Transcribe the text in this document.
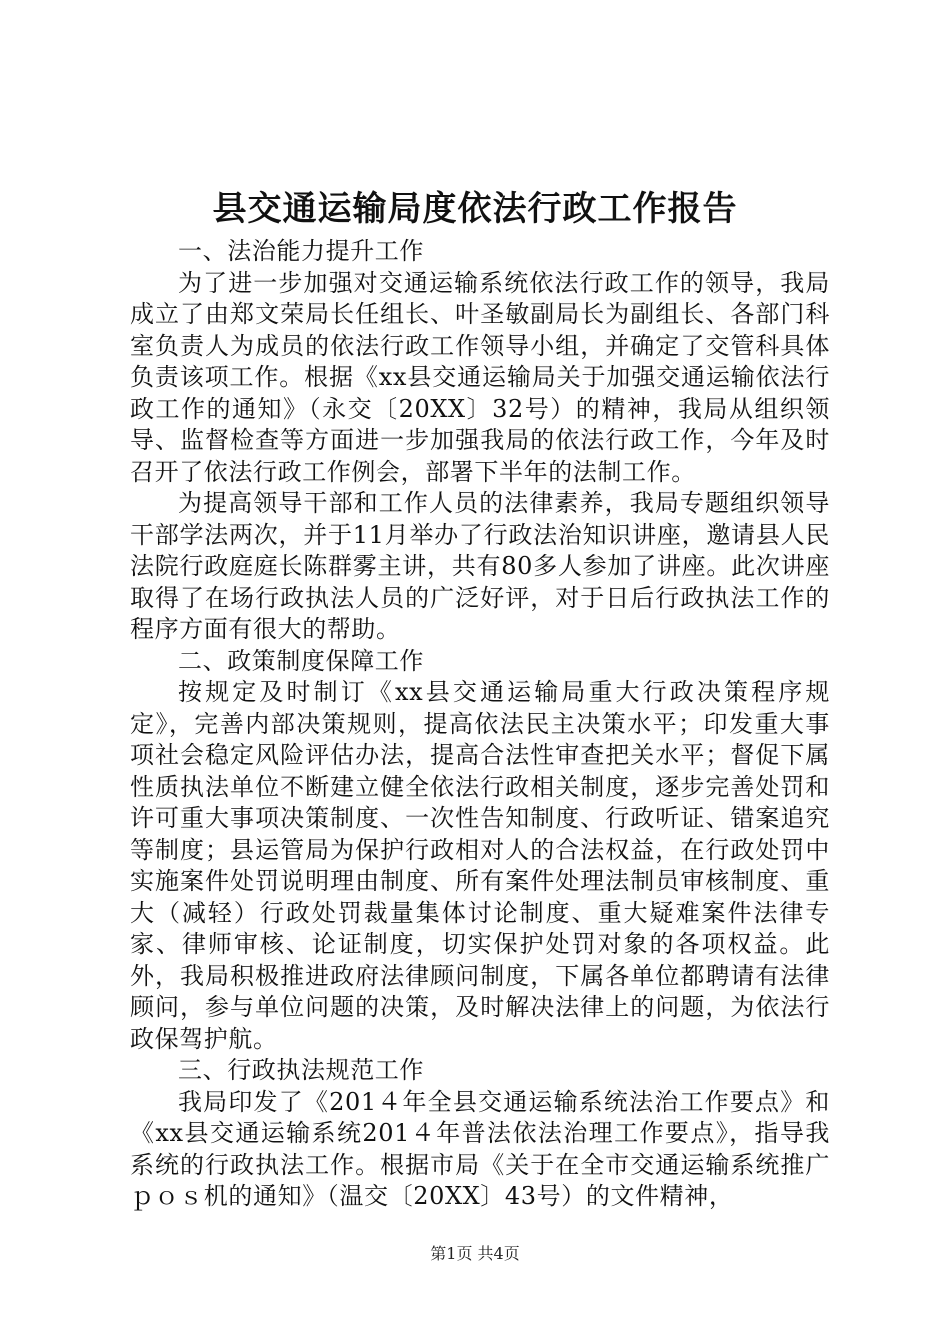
县交通运输局度依法行政工作报告

一、法治能力提升工作

为了进一步加强对交通运输系统依法行政工作的领导，我局成立了由郑文荣局长任组长、叶圣敏副局长为副组长、各部门科室负责人为成员的依法行政工作领导小组，并确定了交管科具体负责该项工作。根据《xx县交通运输局关于加强交通运输依法行政工作的通知》（永交〔20XX〕32号）的精神，我局从组织领导、监督检查等方面进一步加强我局的依法行政工作，今年及时召开了依法行政工作例会，部署下半年的法制工作。

为提高领导干部和工作人员的法律素养，我局专题组织领导干部学法两次，并于11月举办了行政法治知识讲座，邀请县人民法院行政庭庭长陈群雾主讲，共有80多人参加了讲座。此次讲座取得了在场行政执法人员的广泛好评，对于日后行政执法工作的程序方面有很大的帮助。

二、政策制度保障工作

按规定及时制订《xx县交通运输局重大行政决策程序规定》，完善内部决策规则，提高依法民主决策水平；印发重大事项社会稳定风险评估办法，提高合法性审查把关水平；督促下属性质执法单位不断建立健全依法行政相关制度，逐步完善处罚和许可重大事项决策制度、一次性告知制度、行政听证、错案追究等制度；县运管局为保护行政相对人的合法权益，在行政处罚中实施案件处罚说明理由制度、所有案件处理法制员审核制度、重大（减轻）行政处罚裁量集体讨论制度、重大疑难案件法律专家、律师审核、论证制度，切实保护处罚对象的各项权益。此外，我局积极推进政府法律顾问制度，下属各单位都聘请有法律顾问，参与单位问题的决策，及时解决法律上的问题，为依法行政保驾护航。

三、行政执法规范工作

我局印发了《201４年全县交通运输系统法治工作要点》和《xx县交通运输系统201４年普法依法治理工作要点》，指导我系统的行政执法工作。根据市局《关于在全市交通运输系统推广ｐｏｓ机的通知》（温交〔20XX〕43号）的文件精神，

第1页 共4页
